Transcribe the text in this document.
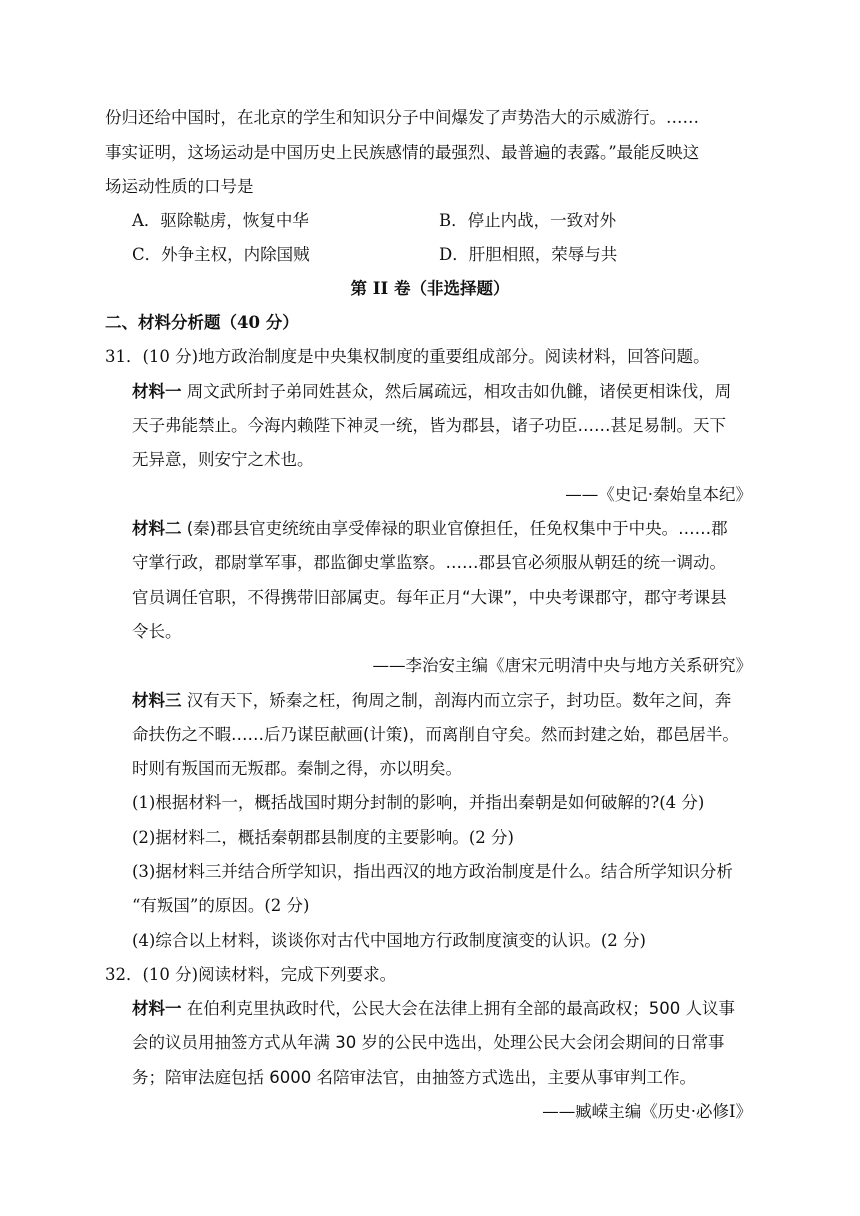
份归还给中国时，在北京的学生和知识分子中间爆发了声势浩大的示威游行。……
事实证明，这场运动是中国历史上民族感情的最强烈、最普遍的表露。”最能反映这
场运动性质的口号是
A．驱除鞑虏，恢复中华	B．停止内战，一致对外
C．外争主权，内除国贼	D．肝胆相照，荣辱与共
第 II 卷（非选择题）
二、材料分析题（40 分）
31．(10 分)地方政治制度是中央集权制度的重要组成部分。阅读材料，回答问题。
材料一 周文武所封子弟同姓甚众，然后属疏远，相攻击如仇雠，诸侯更相诛伐，周
天子弗能禁止。今海内赖陛下神灵一统，皆为郡县，诸子功臣……甚足易制。天下
无异意，则安宁之术也。
——《史记·秦始皇本纪》
材料二 (秦)郡县官吏统统由享受俸禄的职业官僚担任，任免权集中于中央。……郡
守掌行政，郡尉掌军事，郡监御史掌监察。……郡县官必须服从朝廷的统一调动。
官员调任官职，不得携带旧部属吏。每年正月“大课”，中央考课郡守，郡守考课县
令长。
——李治安主编《唐宋元明清中央与地方关系研究》
材料三 汉有天下，矫秦之枉，徇周之制，剖海内而立宗子，封功臣。数年之间，奔
命扶伤之不暇……后乃谋臣献画(计策)，而离削自守矣。然而封建之始，郡邑居半。
时则有叛国而无叛郡。秦制之得，亦以明矣。
(1)根据材料一，概括战国时期分封制的影响，并指出秦朝是如何破解的?(4 分)
(2)据材料二，概括秦朝郡县制度的主要影响。(2 分)
(3)据材料三并结合所学知识，指出西汉的地方政治制度是什么。结合所学知识分析
“有叛国”的原因。(2 分)
(4)综合以上材料，谈谈你对古代中国地方行政制度演变的认识。(2 分)
32．(10 分)阅读材料，完成下列要求。
材料一 在伯利克里执政时代，公民大会在法律上拥有全部的最高政权；500 人议事
会的议员用抽签方式从年满 30 岁的公民中选出，处理公民大会闭会期间的日常事
务；陪审法庭包括 6000 名陪审法官，由抽签方式选出，主要从事审判工作。
——臧嵘主编《历史·必修Ⅰ》
